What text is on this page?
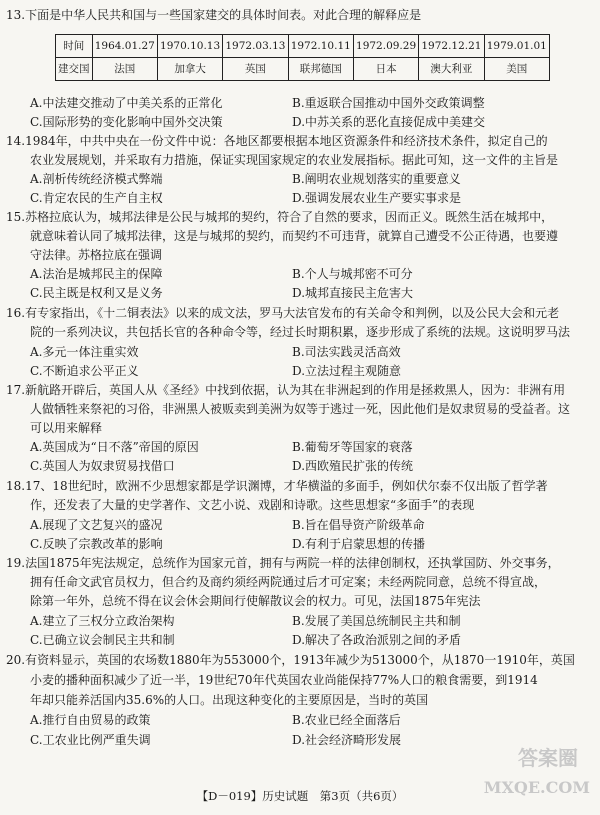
13.下面是中华人民共和国与一些国家建交的具体时间表。对此合理的解释应是
时间	1964.01.27	1970.10.13	1972.03.13	1972.10.11	1972.09.29	1972.12.21	1979.01.01
建交国	法国	加拿大	英国	联邦德国	日本	澳大利亚	美国
A.中法建交推动了中美关系的正常化	B.重返联合国推动中国外交政策调整
C.国际形势的变化影响中国外交决策	D.中苏关系的恶化直接促成中美建交
14.1984年，中共中央在一份文件中说：各地区都要根据本地区资源条件和经济技术条件，拟定自己的
农业发展规划，并采取有力措施，保证实现国家规定的农业发展指标。据此可知，这一文件的主旨是
A.剖析传统经济模式弊端	B.阐明农业规划落实的重要意义
C.肯定农民的生产自主权	D.强调发展农业生产要实事求是
15.苏格拉底认为，城邦法律是公民与城邦的契约，符合了自然的要求，因而正义。既然生活在城邦中，
就意味着认同了城邦法律，这是与城邦的契约，而契约不可违背，就算自己遭受不公正待遇，也要遵
守法律。苏格拉底在强调
A.法治是城邦民主的保障	B.个人与城邦密不可分
C.民主既是权利又是义务	D.城邦直接民主危害大
16.有专家指出，《十二铜表法》以来的成文法，罗马大法官发布的有关命令和判例，以及公民大会和元老
院的一系列决议，共包括长官的各种命令等，经过长时期积累，逐步形成了系统的法规。这说明罗马法
A.多元一体注重实效	B.司法实践灵活高效
C.不断追求公平正义	D.立法过程主观随意
17.新航路开辟后，英国人从《圣经》中找到依据，认为其在非洲起到的作用是拯救黑人，因为：非洲有用
人做牺牲来祭祀的习俗，非洲黑人被贩卖到美洲为奴等于逃过一死，因此他们是奴隶贸易的受益者。这
可以用来解释
A.英国成为“日不落”帝国的原因	B.葡萄牙等国家的衰落
C.英国人为奴隶贸易找借口	D.西欧殖民扩张的传统
18.17、18世纪时，欧洲不少思想家都是学识渊博，才华横溢的多面手，例如伏尔泰不仅出版了哲学著
作，还发表了大量的史学著作、文艺小说、戏剧和诗歌。这些思想家“多面手”的表现
A.展现了文艺复兴的盛况	B.旨在倡导资产阶级革命
C.反映了宗教改革的影响	D.有利于启蒙思想的传播
19.法国1875年宪法规定，总统作为国家元首，拥有与两院一样的法律创制权，还执掌国防、外交事务，
拥有任命文武官员权力，但合约及商约须经两院通过后才可定案；未经两院同意，总统不得宣战，
除第一年外，总统不得在议会休会期间行使解散议会的权力。可见，法国1875年宪法
A.建立了三权分立政治架构	B.发展了美国总统制民主共和制
C.已确立议会制民主共和制	D.解决了各政治派别之间的矛盾
20.有资料显示，英国的农场数1880年为553000个，1913年减少为513000个，从1870一1910年，英国
小麦的播种面积减少了近一半，19世纪70年代英国农业尚能保持77%人口的粮食需要，到1914
年却只能养活国内35.6%的人口。出现这种变化的主要原因是，当时的英国
A.推行自由贸易的政策	B.农业已经全面落后
C.工农业比例严重失调	D.社会经济畸形发展
【D－019】历史试题　第3页（共6页）
答案圈
MXQE.COM
